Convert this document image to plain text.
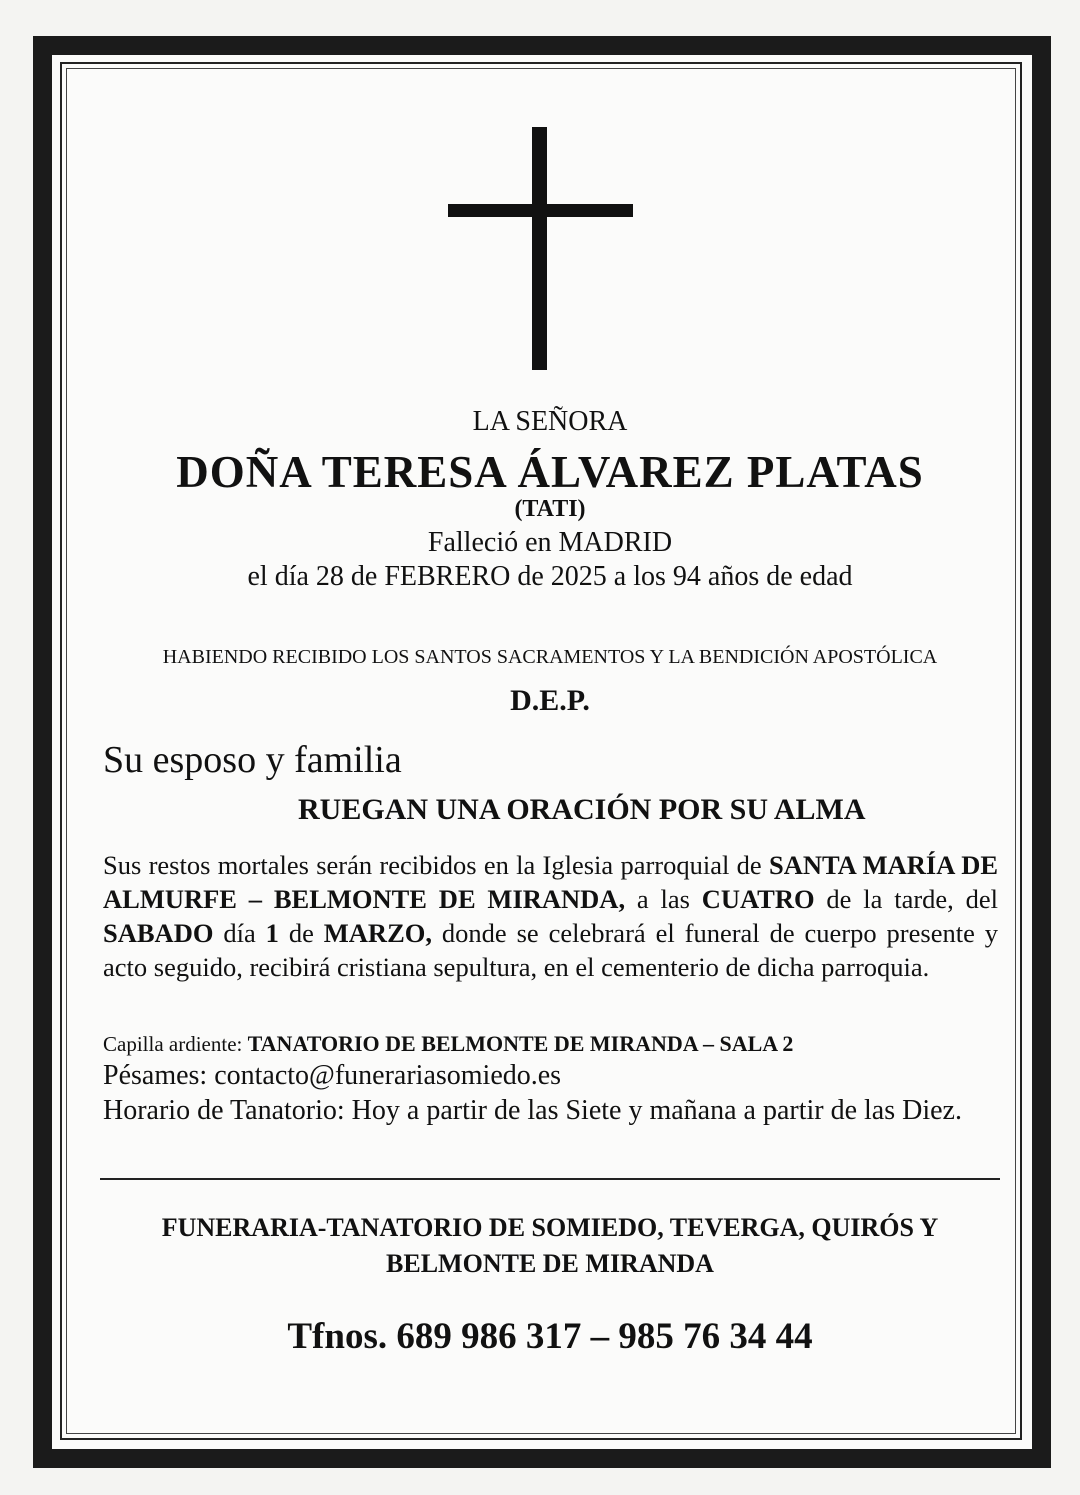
LA SEÑORA
DOÑA TERESA ÁLVAREZ PLATAS
(TATI)
Falleció en MADRID
el día 28 de FEBRERO de 2025 a los 94 años de edad
HABIENDO RECIBIDO LOS SANTOS SACRAMENTOS Y LA BENDICIÓN APOSTÓLICA
D.E.P.
Su esposo y familia
RUEGAN UNA ORACIÓN POR SU ALMA
Sus restos mortales serán recibidos en la Iglesia parroquial de SANTA MARÍA DE ALMURFE – BELMONTE DE MIRANDA, a las CUATRO de la tarde, del SABADO día 1 de MARZO, donde se celebrará el funeral de cuerpo presente y acto seguido, recibirá cristiana sepultura, en el cementerio de dicha parroquia.
Capilla ardiente: TANATORIO DE BELMONTE DE MIRANDA – SALA 2
Pésames: contacto@funerariasomiedo.es
Horario de Tanatorio: Hoy a partir de las Siete y mañana a partir de las Diez.
FUNERARIA-TANATORIO DE SOMIEDO, TEVERGA, QUIRÓS Y
BELMONTE DE MIRANDA
Tfnos. 689 986 317 – 985 76 34 44
